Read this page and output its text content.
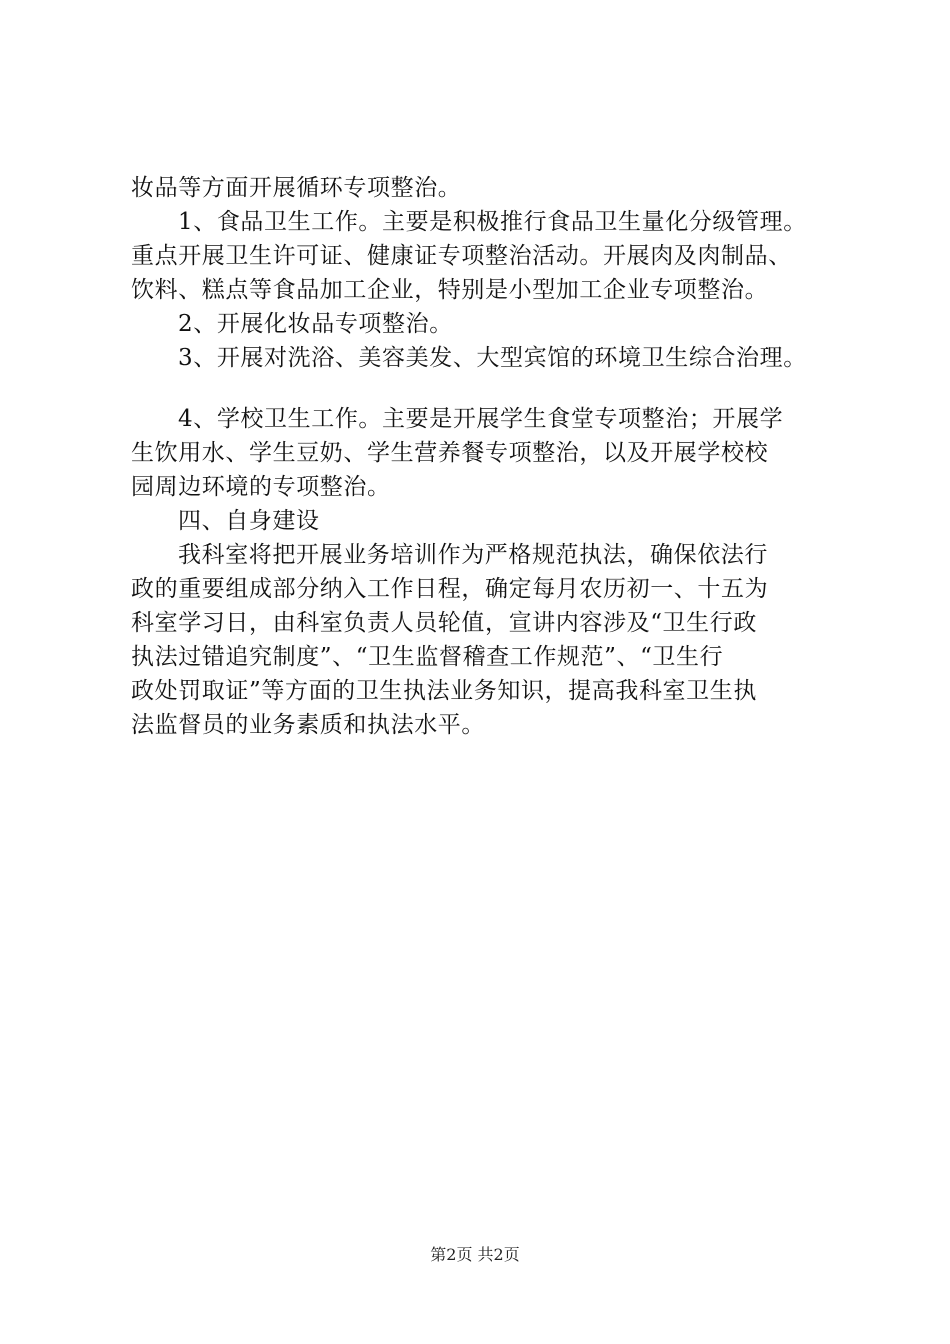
妆品等方面开展循环专项整治。
1、食品卫生工作。主要是积极推行食品卫生量化分级管理。
重点开展卫生许可证、健康证专项整治活动。开展肉及肉制品、
饮料、糕点等食品加工企业，特别是小型加工企业专项整治。
2、开展化妆品专项整治。
3、开展对洗浴、美容美发、大型宾馆的环境卫生综合治理。
4、学校卫生工作。主要是开展学生食堂专项整治；开展学
生饮用水、学生豆奶、学生营养餐专项整治，以及开展学校校
园周边环境的专项整治。
四、自身建设
我科室将把开展业务培训作为严格规范执法，确保依法行
政的重要组成部分纳入工作日程，确定每月农历初一、十五为
科室学习日，由科室负责人员轮值，宣讲内容涉及“卫生行政
执法过错追究制度”、“卫生监督稽查工作规范”、“卫生行
政处罚取证”等方面的卫生执法业务知识，提高我科室卫生执
法监督员的业务素质和执法水平。
第2页 共2页
